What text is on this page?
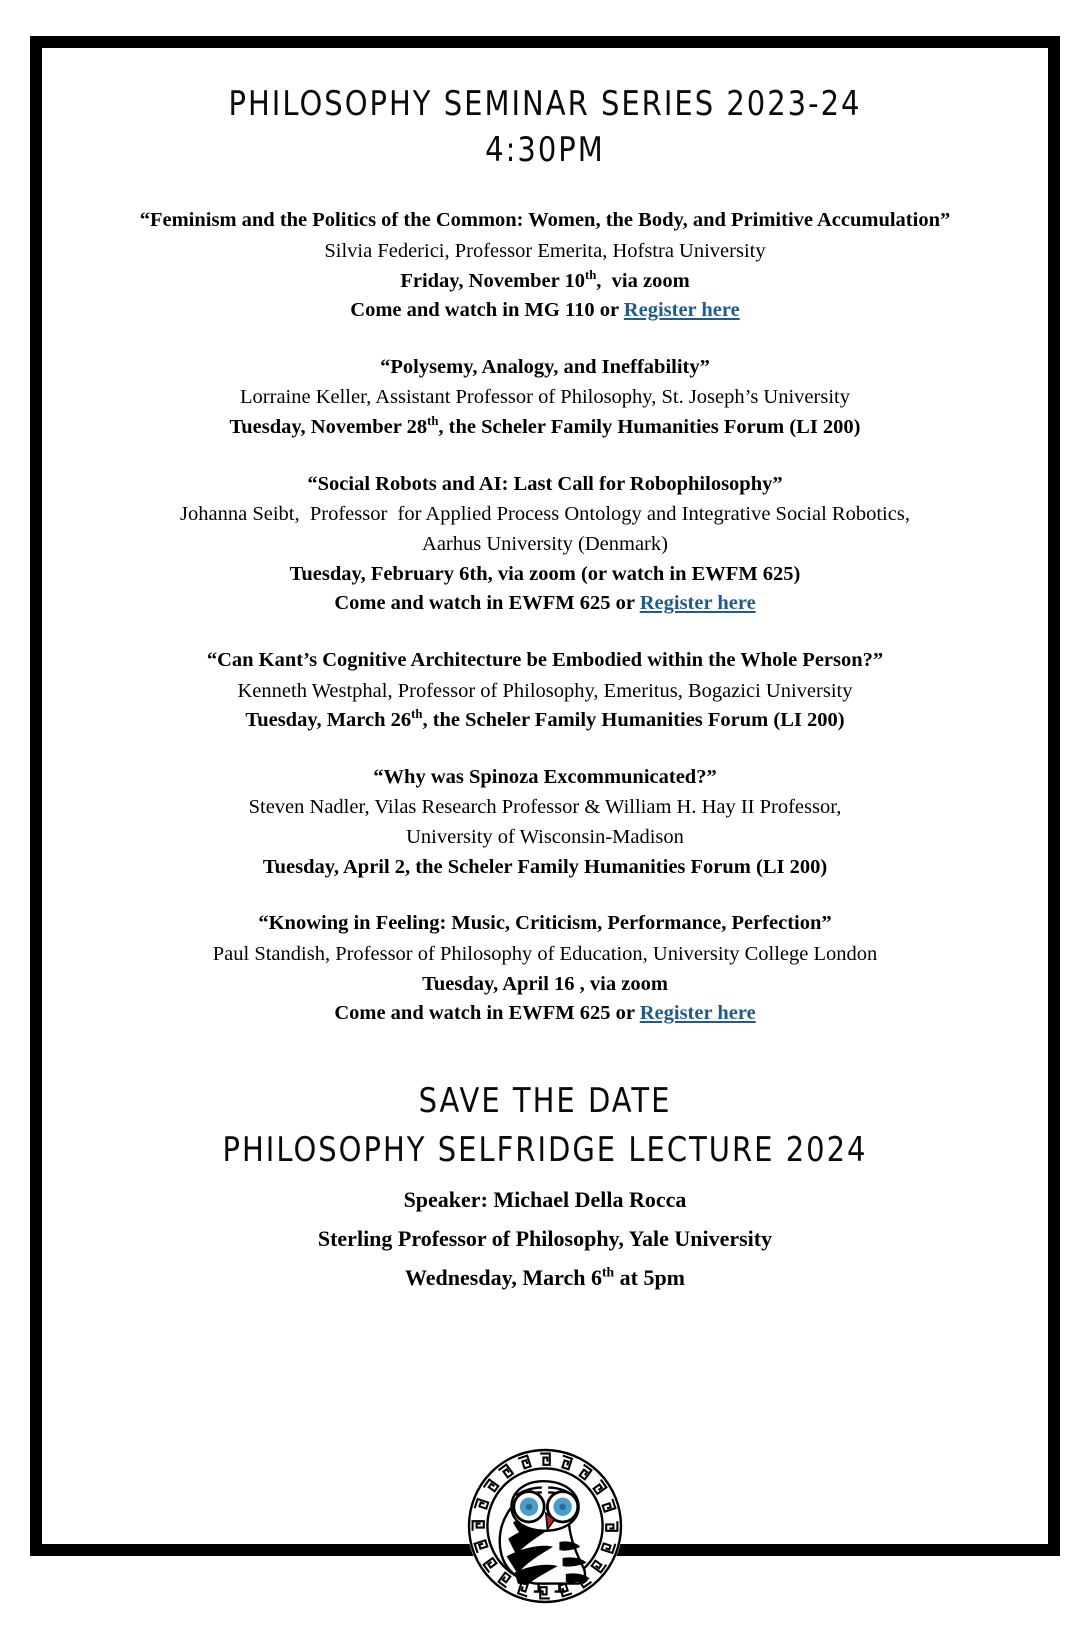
PHILOSOPHY SEMINAR SERIES 2023-24
4:30PM
“Feminism and the Politics of the Common: Women, the Body, and Primitive Accumulation”
Silvia Federici, Professor Emerita, Hofstra University
Friday, November 10th,  via zoom
Come and watch in MG 110 or Register here
“Polysemy, Analogy, and Ineffability”
Lorraine Keller, Assistant Professor of Philosophy, St. Joseph’s University
Tuesday, November 28th, the Scheler Family Humanities Forum (LI 200)
“Social Robots and AI: Last Call for Robophilosophy”
Johanna Seibt,  Professor  for Applied Process Ontology and Integrative Social Robotics,
Aarhus University (Denmark)
Tuesday, February 6th, via zoom (or watch in EWFM 625)
Come and watch in EWFM 625 or Register here
“Can Kant’s Cognitive Architecture be Embodied within the Whole Person?”
Kenneth Westphal, Professor of Philosophy, Emeritus, Bogazici University
Tuesday, March 26th, the Scheler Family Humanities Forum (LI 200)
“Why was Spinoza Excommunicated?”
Steven Nadler, Vilas Research Professor & William H. Hay II Professor,
University of Wisconsin-Madison
Tuesday, April 2, the Scheler Family Humanities Forum (LI 200)
“Knowing in Feeling: Music, Criticism, Performance, Perfection”
Paul Standish, Professor of Philosophy of Education, University College London
Tuesday, April 16 , via zoom
Come and watch in EWFM 625 or Register here
SAVE THE DATE
PHILOSOPHY SELFRIDGE LECTURE 2024
Speaker: Michael Della Rocca
Sterling Professor of Philosophy, Yale University
Wednesday, March 6th at 5pm
